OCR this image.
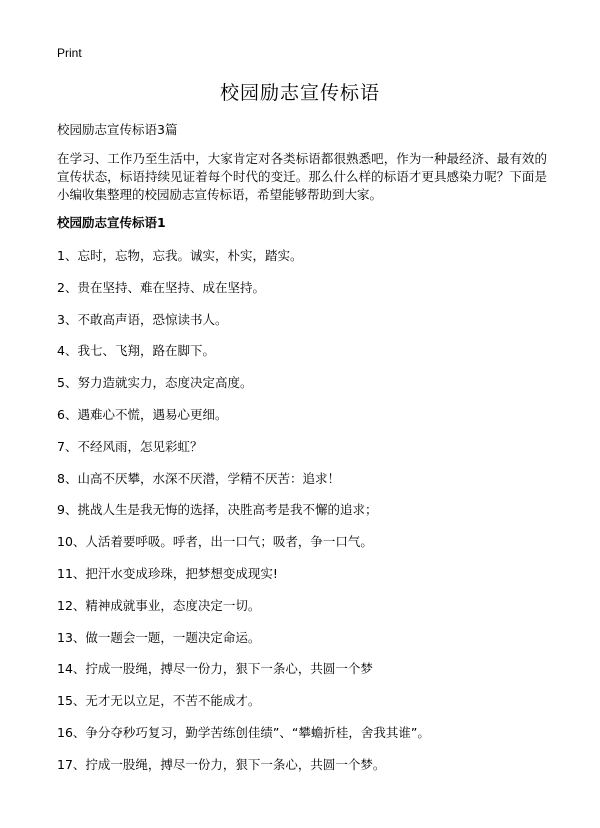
Print
校园励志宣传标语
校园励志宣传标语3篇
在学习、工作乃至生活中，大家肯定对各类标语都很熟悉吧，作为一种最经济、最有效的宣传状态，标语持续见证着每个时代的变迁。那么什么样的标语才更具感染力呢？下面是小编收集整理的校园励志宣传标语，希望能够帮助到大家。
校园励志宣传标语1
1、忘时，忘物，忘我。诚实，朴实，踏实。
2、贵在坚持、难在坚持、成在坚持。
3、不敢高声语，恐惊读书人。
4、我七、飞翔，路在脚下。
5、努力造就实力，态度决定高度。
6、遇难心不慌，遇易心更细。
7、不经风雨，怎见彩虹？
8、山高不厌攀，水深不厌潜，学精不厌苦：追求！
9、挑战人生是我无悔的选择，决胜高考是我不懈的追求；
10、人活着要呼吸。呼者，出一口气；吸者，争一口气。
11、把汗水变成珍珠，把梦想变成现实!
12、精神成就事业，态度决定一切。
13、做一题会一题，一题决定命运。
14、拧成一股绳，搏尽一份力，狠下一条心，共圆一个梦
15、无才无以立足，不苦不能成才。
16、争分夺秒巧复习，勤学苦练创佳绩”、“攀蟾折桂，舍我其谁”。
17、拧成一股绳，搏尽一份力，狠下一条心，共圆一个梦。
